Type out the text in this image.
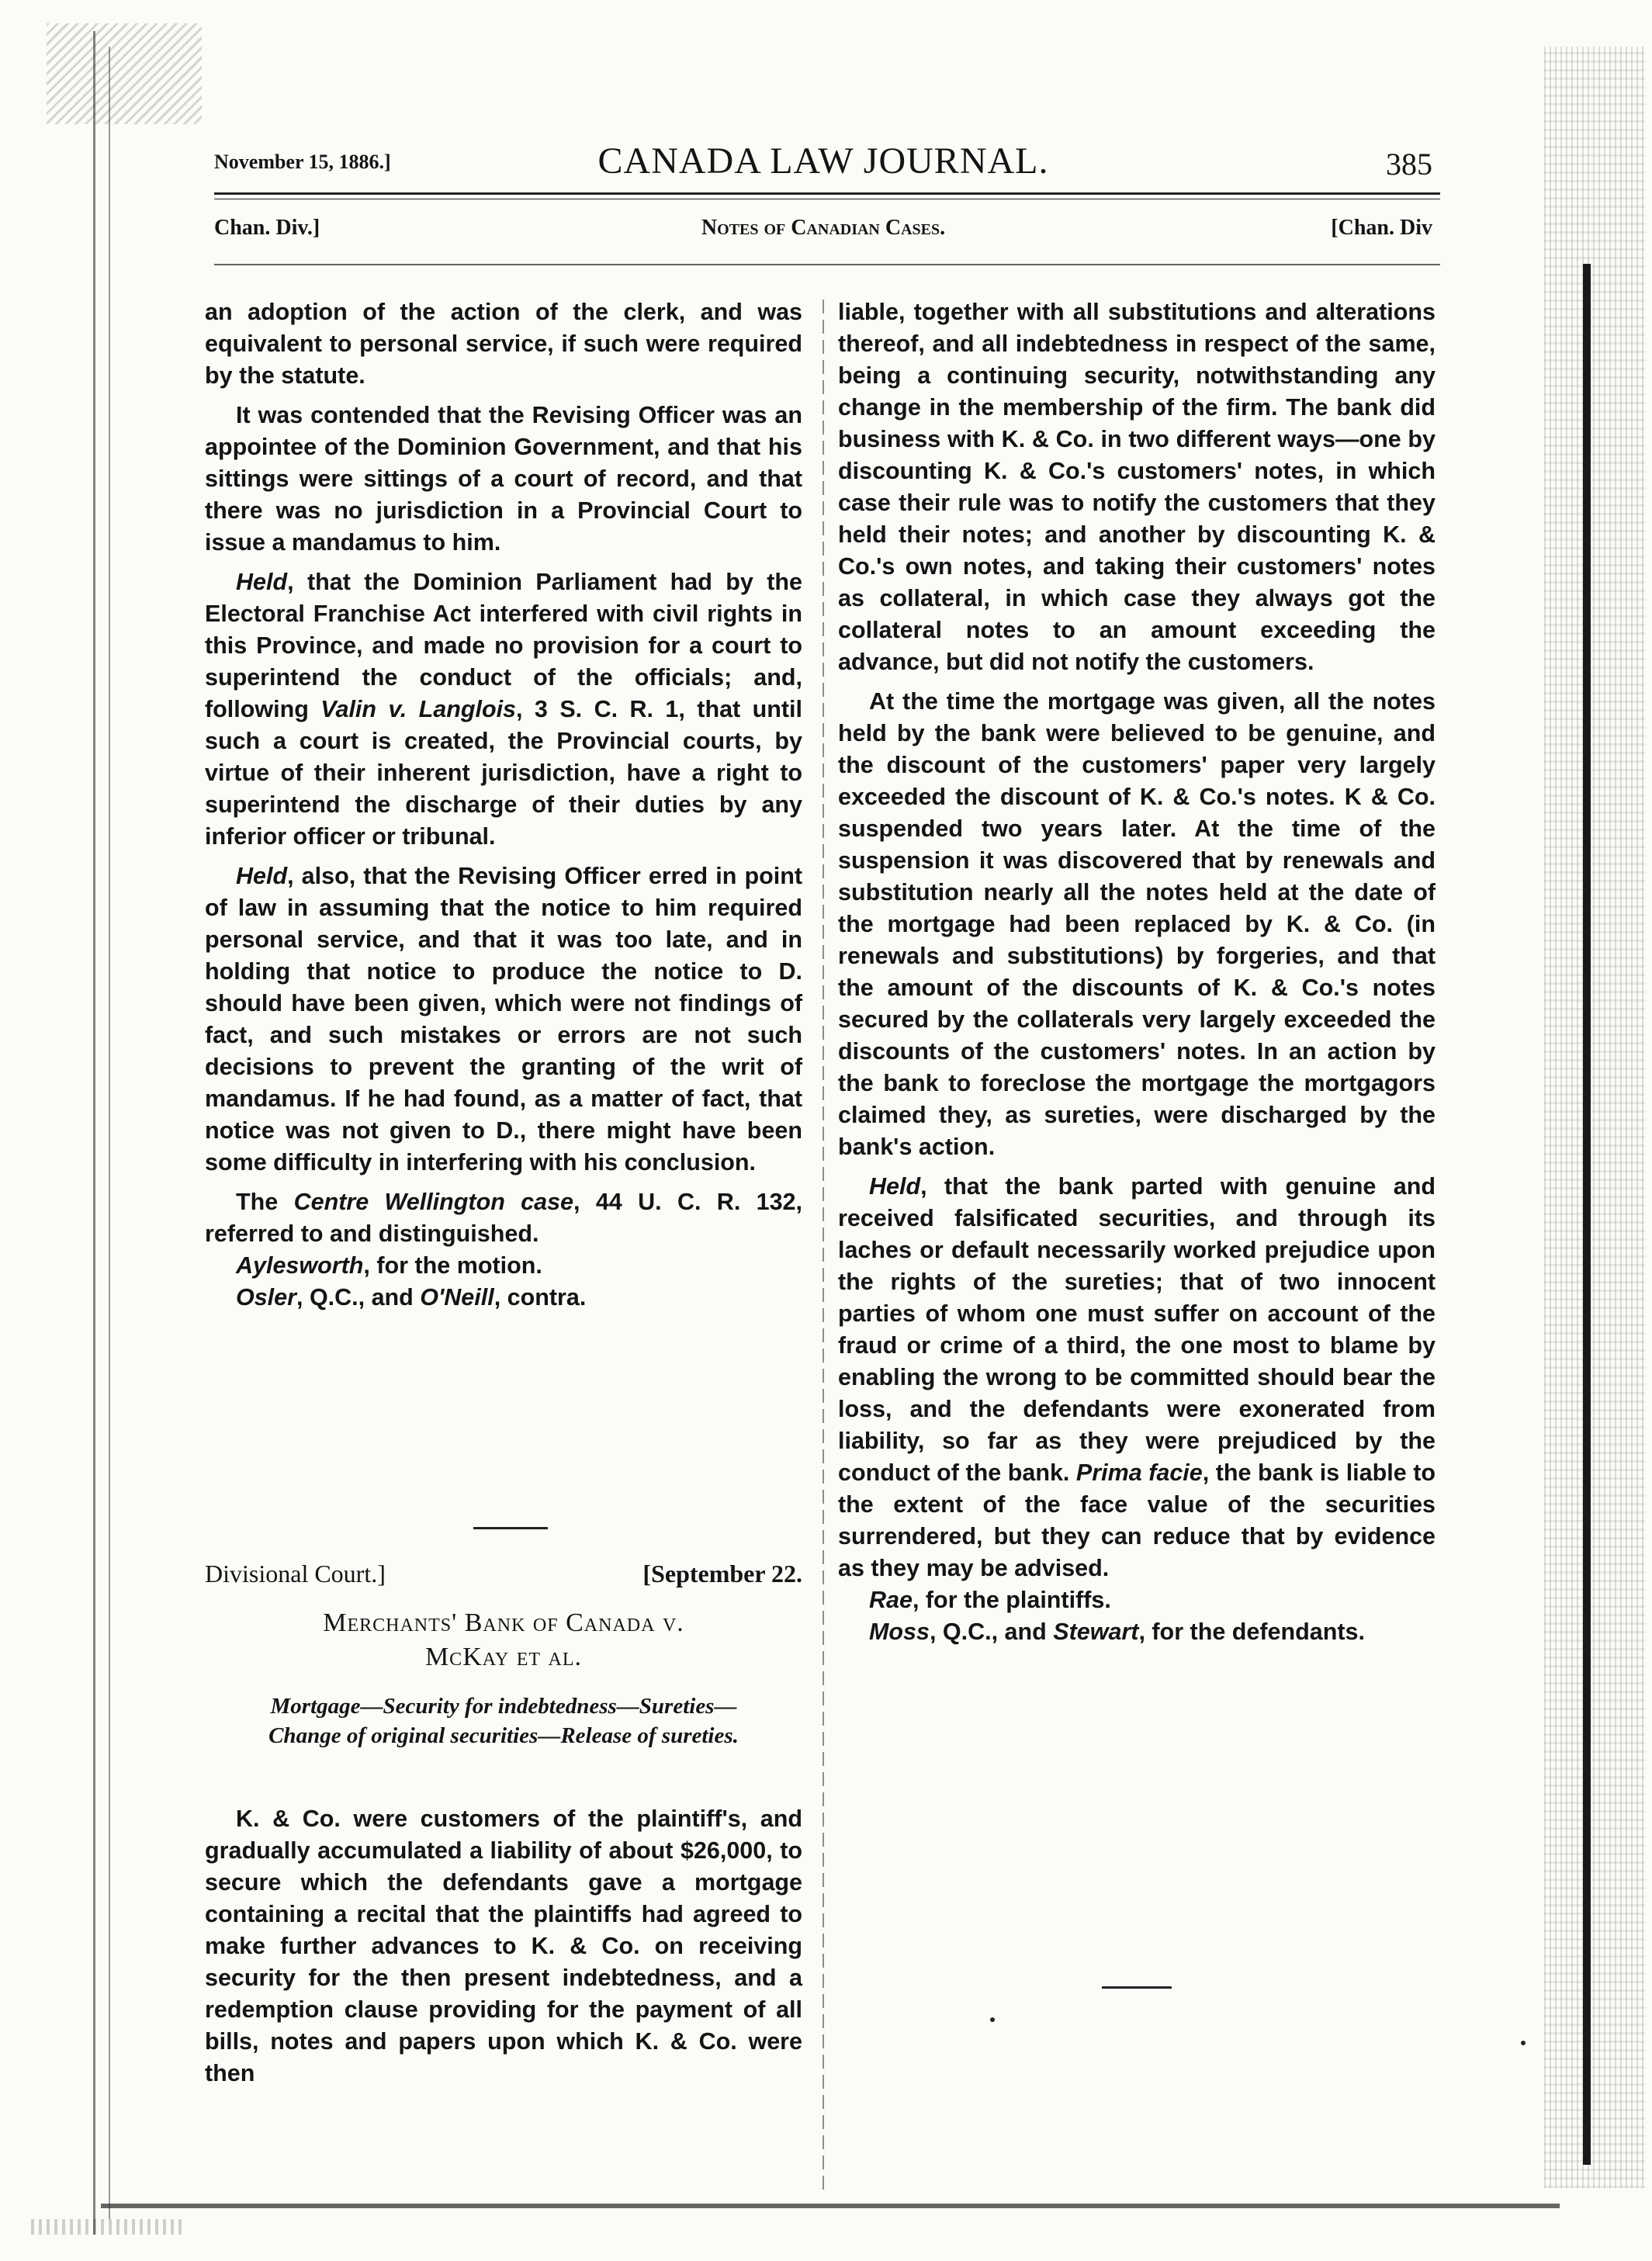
November 15, 1886.]	CANADA LAW JOURNAL.	385
Chan. Div.]	Notes of Canadian Cases.	[Chan. Div

an adoption of the action of the clerk, and was equivalent to personal service, if such were required by the statute.

It was contended that the Revising Officer was an appointee of the Dominion Government, and that his sittings were sittings of a court of record, and that there was no jurisdiction in a Provincial Court to issue a mandamus to him.

Held, that the Dominion Parliament had by the Electoral Franchise Act interfered with civil rights in this Province, and made no provision for a court to superintend the conduct of the officials; and, following Valin v. Langlois, 3 S. C. R. 1, that until such a court is created, the Provincial courts, by virtue of their inherent jurisdiction, have a right to superintend the discharge of their duties by any inferior officer or tribunal.

Held, also, that the Revising Officer erred in point of law in assuming that the notice to him required personal service, and that it was too late, and in holding that notice to produce the notice to D. should have been given, which were not findings of fact, and such mistakes or errors are not such decisions to prevent the granting of the writ of mandamus. If he had found, as a matter of fact, that notice was not given to D., there might have been some difficulty in interfering with his conclusion.

The Centre Wellington case, 44 U. C. R. 132, referred to and distinguished.

Aylesworth, for the motion.

Osler, Q.C., and O'Neill, contra.

Divisional Court.]	[September 22.
Merchants' Bank of Canada v.
McKay et al.
Mortgage—Security for indebtedness—Sureties—
Change of original securities—Release of sureties.

K. & Co. were customers of the plaintiff's, and gradually accumulated a liability of about $26,000, to secure which the defendants gave a mortgage containing a recital that the plaintiffs had agreed to make further advances to K. & Co. on receiving security for the then present indebtedness, and a redemption clause providing for the payment of all bills, notes and papers upon which K. & Co. were then

liable, together with all substitutions and alterations thereof, and all indebtedness in respect of the same, being a continuing security, notwithstanding any change in the membership of the firm. The bank did business with K. & Co. in two different ways—one by discounting K. & Co.'s customers' notes, in which case their rule was to notify the customers that they held their notes; and another by discounting K. & Co.'s own notes, and taking their customers' notes as collateral, in which case they always got the collateral notes to an amount exceeding the advance, but did not notify the customers.

At the time the mortgage was given, all the notes held by the bank were believed to be genuine, and the discount of the customers' paper very largely exceeded the discount of K. & Co.'s notes. K & Co. suspended two years later. At the time of the suspension it was discovered that by renewals and substitution nearly all the notes held at the date of the mortgage had been replaced by K. & Co. (in renewals and substitutions) by forgeries, and that the amount of the discounts of K. & Co.'s notes secured by the collaterals very largely exceeded the discounts of the customers' notes. In an action by the bank to foreclose the mortgage the mortgagors claimed they, as sureties, were discharged by the bank's action.

Held, that the bank parted with genuine and received falsificated securities, and through its laches or default necessarily worked prejudice upon the rights of the sureties; that of two innocent parties of whom one must suffer on account of the fraud or crime of a third, the one most to blame by enabling the wrong to be committed should bear the loss, and the defendants were exonerated from liability, so far as they were prejudiced by the conduct of the bank. Prima facie, the bank is liable to the extent of the face value of the securities surrendered, but they can reduce that by evidence as they may be advised.

Rae, for the plaintiffs.

Moss, Q.C., and Stewart, for the defendants.
